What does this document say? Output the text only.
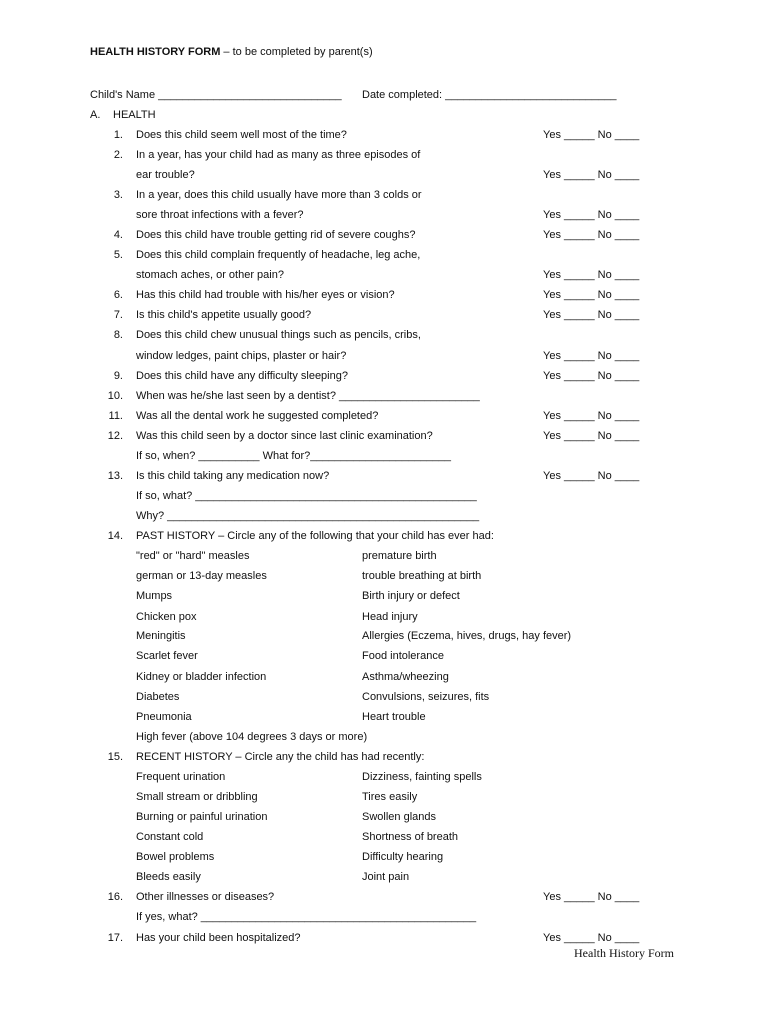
HEALTH HISTORY FORM – to be completed by parent(s)
Child's Name ______________________________ Date completed: ____________________________
A. HEALTH
1. Does this child seem well most of the time?	Yes _____ No ____
2. In a year, has your child had as many as three episodes of
ear trouble?	Yes _____ No ____
3. In a year, does this child usually have more than 3 colds or
sore throat infections with a fever?	Yes _____ No ____
4. Does this child have trouble getting rid of severe coughs?	Yes _____ No ____
5. Does this child complain frequently of headache, leg ache,
stomach aches, or other pain?	Yes _____ No ____
6. Has this child had trouble with his/her eyes or vision?	Yes _____ No ____
7. Is this child's appetite usually good?	Yes _____ No ____
8. Does this child chew unusual things such as pencils, cribs,
window ledges, paint chips, plaster or hair?	Yes _____ No ____
9. Does this child have any difficulty sleeping?	Yes _____ No ____
10. When was he/she last seen by a dentist? _______________________
11. Was all the dental work he suggested completed?	Yes _____ No ____
12. Was this child seen by a doctor since last clinic examination?	Yes _____ No ____
If so, when? __________ What for?_______________________
13. Is this child taking any medication now?	Yes _____ No ____
If so, what? ______________________________________________
Why? ___________________________________________________
14. PAST HISTORY – Circle any of the following that your child has ever had:
"red" or "hard" measles	premature birth
german or 13-day measles	trouble breathing at birth
Mumps	Birth injury or defect
Chicken pox	Head injury
Meningitis	Allergies (Eczema, hives, drugs, hay fever)
Scarlet fever	Food intolerance
Kidney or bladder infection	Asthma/wheezing
Diabetes	Convulsions, seizures, fits
Pneumonia	Heart trouble
High fever (above 104 degrees 3 days or more)
15. RECENT HISTORY – Circle any the child has had recently:
Frequent urination	Dizziness, fainting spells
Small stream or dribbling	Tires easily
Burning or painful urination	Swollen glands
Constant cold	Shortness of breath
Bowel problems	Difficulty hearing
Bleeds easily	Joint pain
16. Other illnesses or diseases?	Yes _____ No ____
If yes, what? _____________________________________________
17. Has your child been hospitalized?	Yes _____ No ____
Health History Form
